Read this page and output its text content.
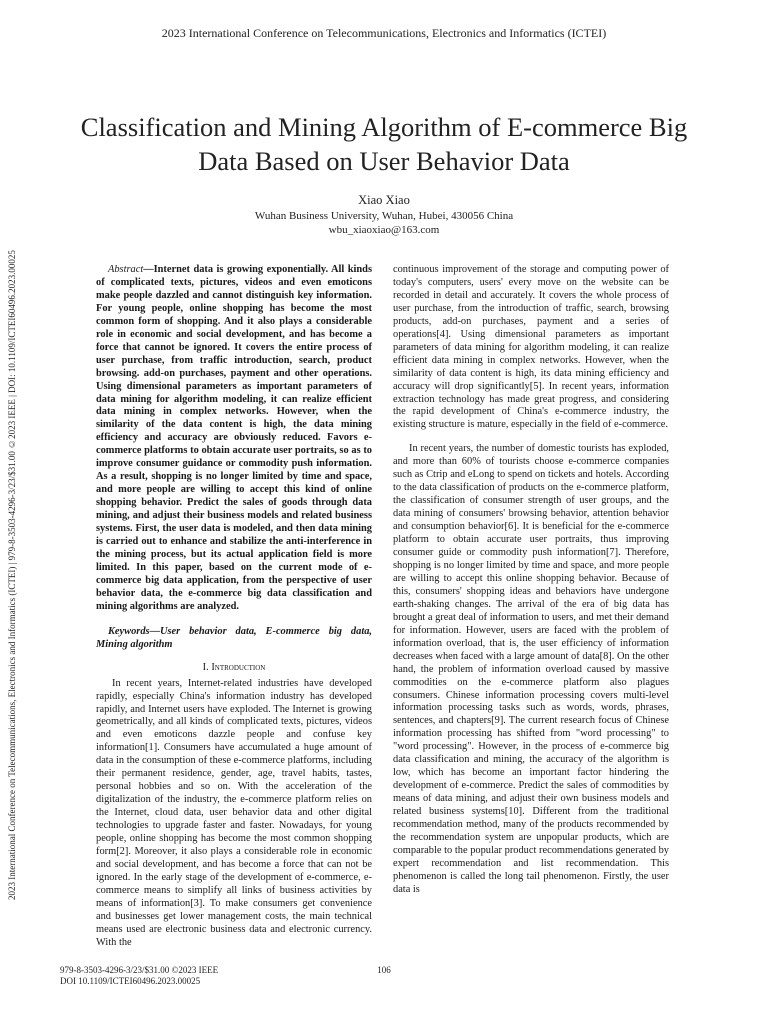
2023 International Conference on Telecommunications, Electronics and Informatics (ICTEI)
2023 International Conference on Telecommunications, Electronics and Informatics (ICTEI) | 979-8-3503-4296-3/23/$31.00 ©2023 IEEE | DOI: 10.1109/ICTEI60496.2023.00025
Classification and Mining Algorithm of E-commerce Big Data Based on User Behavior Data
Xiao Xiao
Wuhan Business University, Wuhan, Hubei, 430056 China
wbu_xiaoxiao@163.com

Abstract—Internet data is growing exponentially. All kinds of complicated texts, pictures, videos and even emoticons make people dazzled and cannot distinguish key information. For young people, online shopping has become the most common form of shopping. And it also plays a considerable role in economic and social development, and has become a force that cannot be ignored. It covers the entire process of user purchase, from traffic introduction, search, product browsing. add-on purchases, payment and other operations. Using dimensional parameters as important parameters of data mining for algorithm modeling, it can realize efficient data mining in complex networks. However, when the similarity of the data content is high, the data mining efficiency and accuracy are obviously reduced. Favors e-commerce platforms to obtain accurate user portraits, so as to improve consumer guidance or commodity push information. As a result, shopping is no longer limited by time and space, and more people are willing to accept this kind of online shopping behavior. Predict the sales of goods through data mining, and adjust their business models and related business systems. First, the user data is modeled, and then data mining is carried out to enhance and stabilize the anti-interference in the mining process, but its actual application field is more limited. In this paper, based on the current mode of e-commerce big data application, from the perspective of user behavior data, the e-commerce big data classification and mining algorithms are analyzed.

Keywords—User behavior data, E-commerce big data, Mining algorithm

I. Introduction

In recent years, Internet-related industries have developed rapidly, especially China's information industry has developed rapidly, and Internet users have exploded. The Internet is growing geometrically, and all kinds of complicated texts, pictures, videos and even emoticons dazzle people and confuse key information[1]. Consumers have accumulated a huge amount of data in the consumption of these e-commerce platforms, including their permanent residence, gender, age, travel habits, tastes, personal hobbies and so on. With the acceleration of the digitalization of the industry, the e-commerce platform relies on the Internet, cloud data, user behavior data and other digital technologies to upgrade faster and faster. Nowadays, for young people, online shopping has become the most common shopping form[2]. Moreover, it also plays a considerable role in economic and social development, and has become a force that can not be ignored. In the early stage of the development of e-commerce, e-commerce means to simplify all links of business activities by means of information[3]. To make consumers get convenience and businesses get lower management costs, the main technical means used are electronic business data and electronic currency. With the

continuous improvement of the storage and computing power of today's computers, users' every move on the website can be recorded in detail and accurately. It covers the whole process of user purchase, from the introduction of traffic, search, browsing products, add-on purchases, payment and a series of operations[4]. Using dimensional parameters as important parameters of data mining for algorithm modeling, it can realize efficient data mining in complex networks. However, when the similarity of data content is high, its data mining efficiency and accuracy will drop significantly[5]. In recent years, information extraction technology has made great progress, and considering the rapid development of China's e-commerce industry, the existing structure is mature, especially in the field of e-commerce.

In recent years, the number of domestic tourists has exploded, and more than 60% of tourists choose e-commerce companies such as Ctrip and eLong to spend on tickets and hotels. According to the data classification of products on the e-commerce platform, the classification of consumer strength of user groups, and the data mining of consumers' browsing behavior, attention behavior and consumption behavior[6]. It is beneficial for the e-commerce platform to obtain accurate user portraits, thus improving consumer guide or commodity push information[7]. Therefore, shopping is no longer limited by time and space, and more people are willing to accept this online shopping behavior. Because of this, consumers' shopping ideas and behaviors have undergone earth-shaking changes. The arrival of the era of big data has brought a great deal of information to users, and met their demand for information. However, users are faced with the problem of information overload, that is, the user efficiency of information decreases when faced with a large amount of data[8]. On the other hand, the problem of information overload caused by massive commodities on the e-commerce platform also plagues consumers. Chinese information processing covers multi-level information processing tasks such as words, words, phrases, sentences, and chapters[9]. The current research focus of Chinese information processing has shifted from "word processing" to "word processing". However, in the process of e-commerce big data classification and mining, the accuracy of the algorithm is low, which has become an important factor hindering the development of e-commerce. Predict the sales of commodities by means of data mining, and adjust their own business models and related business systems[10]. Different from the traditional recommendation method, many of the products recommended by the recommendation system are unpopular products, which are comparable to the popular product recommendations generated by expert recommendation and list recommendation. This phenomenon is called the long tail phenomenon. Firstly, the user data is

979-8-3503-4296-3/23/$31.00 ©2023 IEEE
DOI 10.1109/ICTEI60496.2023.00025
106
